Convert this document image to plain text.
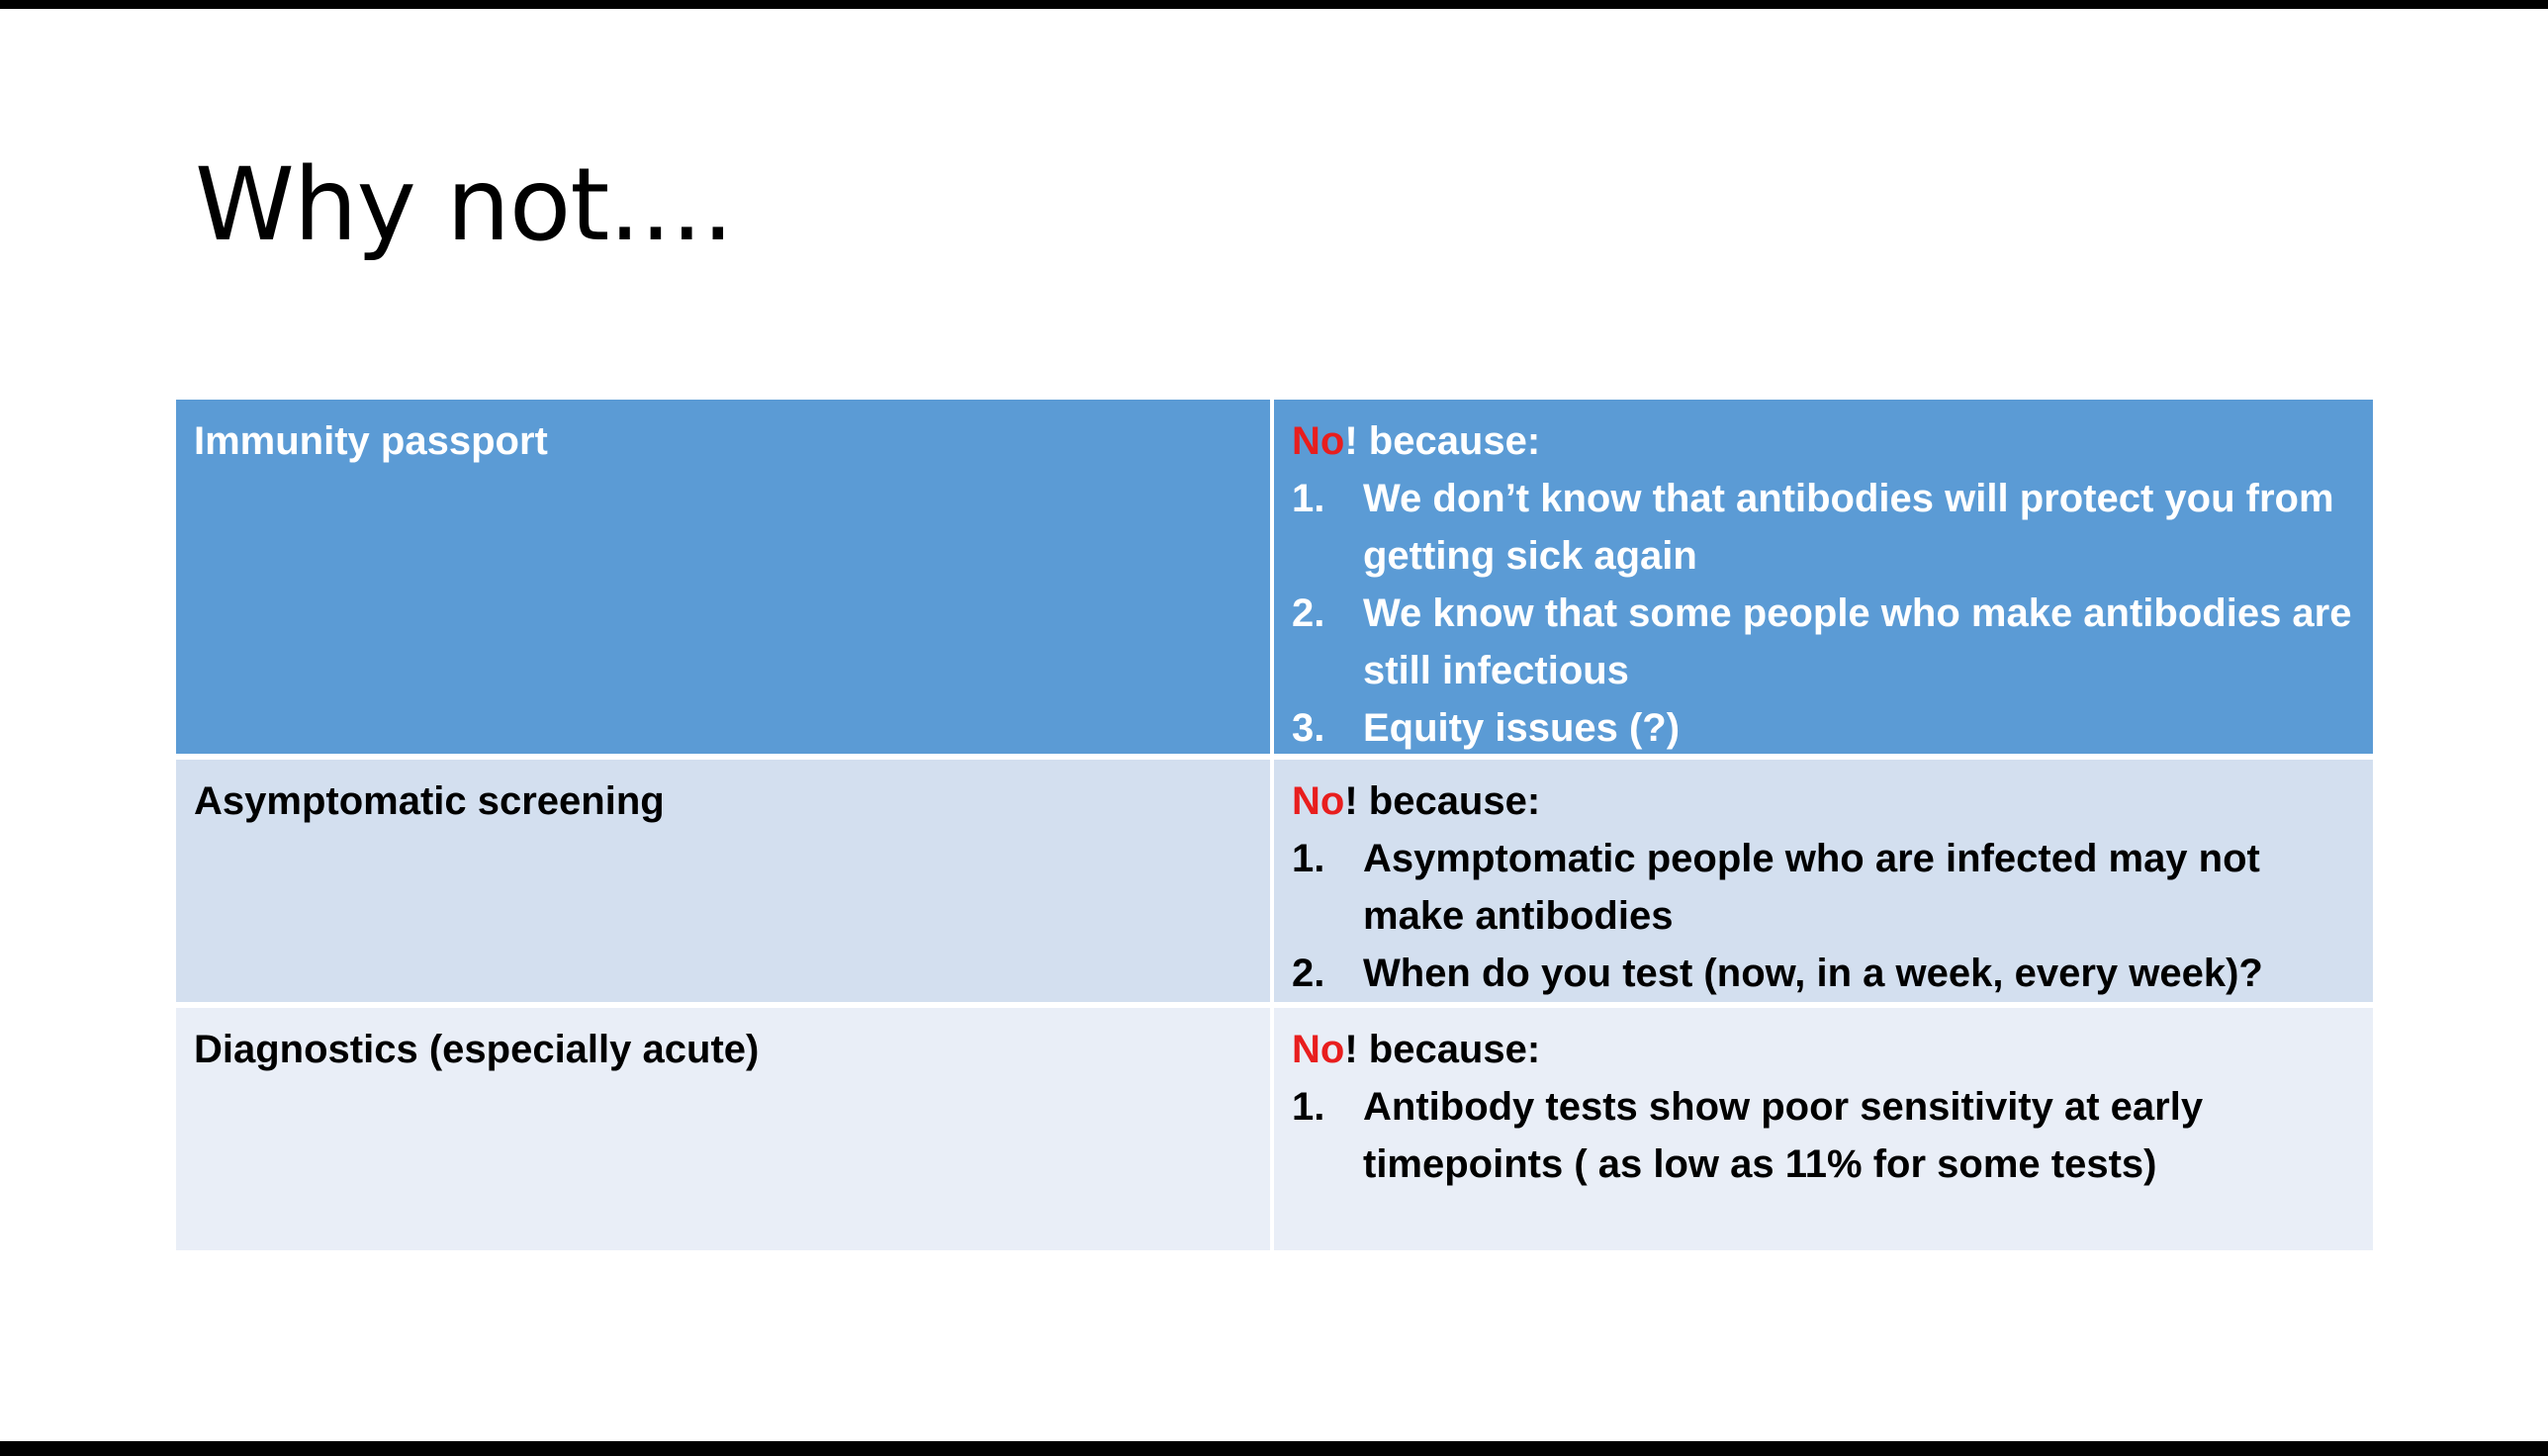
Why not....
Immunity passport	No! because:
1. We don’t know that antibodies will protect you from getting sick again
2. We know that some people who make antibodies are still infectious
3. Equity issues (?)
Asymptomatic screening	No! because:
1. Asymptomatic people who are infected may not make antibodies
2. When do you test (now, in a week, every week)?
Diagnostics (especially acute)	No! because:
1. Antibody tests show poor sensitivity at early timepoints ( as low as 11% for some tests)
